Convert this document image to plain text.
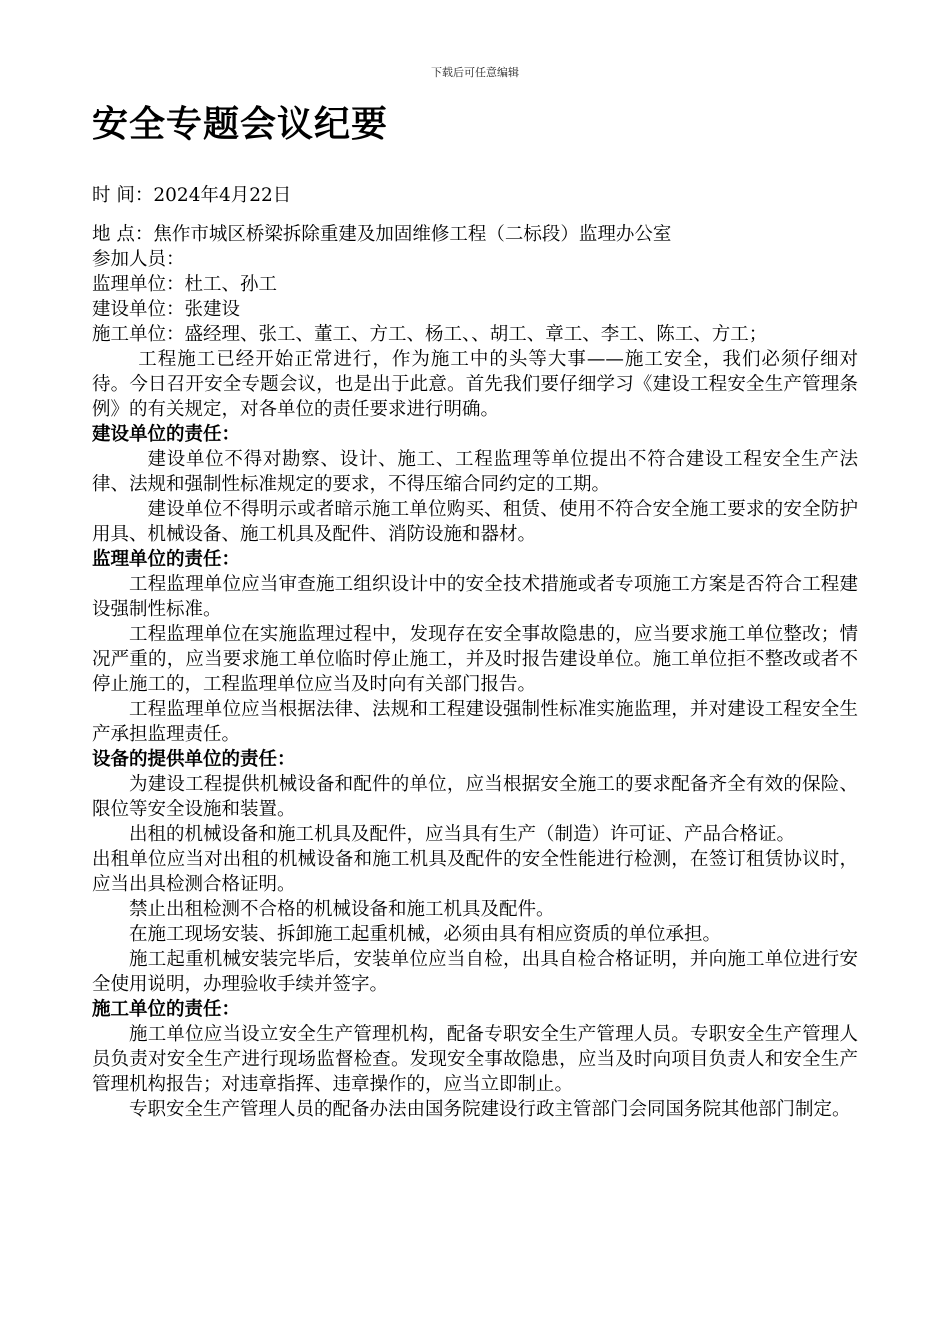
下载后可任意编辑
安全专题会议纪要

时 间： 2024年4月22日

地 点： 焦作市城区桥梁拆除重建及加固维修工程（二标段）监理办公室

参加人员：

监理单位： 杜工、孙工

建设单位： 张建设

施工单位： 盛经理、张工、董工、方工、杨工、、胡工、章工、李工、陈工、方工；

工程施工已经开始正常进行，作为施工中的头等大事——施工安全，我们必须仔细对待。今日召开安全专题会议，也是出于此意。首先我们要仔细学习《建设工程安全生产管理条例》的有关规定，对各单位的责任要求进行明确。

建设单位的责任：

建设单位不得对勘察、设计、施工、工程监理等单位提出不符合建设工程安全生产法律、法规和强制性标准规定的要求，不得压缩合同约定的工期。

建设单位不得明示或者暗示施工单位购买、租赁、使用不符合安全施工要求的安全防护用具、机械设备、施工机具及配件、消防设施和器材。

监理单位的责任：

工程监理单位应当审查施工组织设计中的安全技术措施或者专项施工方案是否符合工程建设强制性标准。

工程监理单位在实施监理过程中，发现存在安全事故隐患的，应当要求施工单位整改；情况严重的，应当要求施工单位临时停止施工，并及时报告建设单位。施工单位拒不整改或者不停止施工的，工程监理单位应当及时向有关部门报告。

工程监理单位应当根据法律、法规和工程建设强制性标准实施监理，并对建设工程安全生产承担监理责任。

设备的提供单位的责任：

为建设工程提供机械设备和配件的单位，应当根据安全施工的要求配备齐全有效的保险、限位等安全设施和装置。

出租的机械设备和施工机具及配件，应当具有生产（制造）许可证、产品合格证。

出租单位应当对出租的机械设备和施工机具及配件的安全性能进行检测，在签订租赁协议时，应当出具检测合格证明。

禁止出租检测不合格的机械设备和施工机具及配件。

在施工现场安装、拆卸施工起重机械，必须由具有相应资质的单位承担。

施工起重机械安装完毕后，安装单位应当自检，出具自检合格证明，并向施工单位进行安全使用说明，办理验收手续并签字。

施工单位的责任：

施工单位应当设立安全生产管理机构，配备专职安全生产管理人员。专职安全生产管理人员负责对安全生产进行现场监督检查。发现安全事故隐患，应当及时向项目负责人和安全生产管理机构报告；对违章指挥、违章操作的，应当立即制止。

专职安全生产管理人员的配备办法由国务院建设行政主管部门会同国务院其他部门制定。
